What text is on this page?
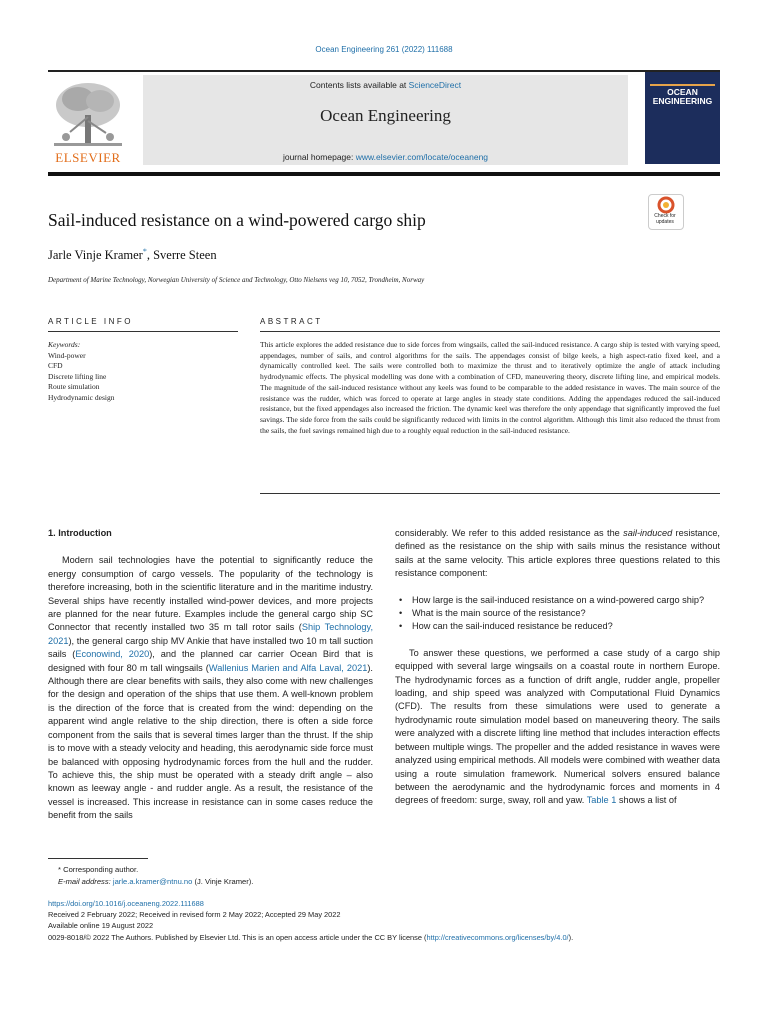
Ocean Engineering 261 (2022) 111688
ELSEVIER
Contents lists available at ScienceDirect
Ocean Engineering
journal homepage: www.elsevier.com/locate/oceaneng
OCEAN ENGINEERING
Check for updates
Sail-induced resistance on a wind-powered cargo ship
Jarle Vinje Kramer*, Sverre Steen
Department of Marine Technology, Norwegian University of Science and Technology, Otto Nielsens veg 10, 7052, Trondheim, Norway
ARTICLE INFO	ABSTRACT
Keywords:
Wind-power
CFD
Discrete lifting line
Route simulation
Hydrodynamic design
This article explores the added resistance due to side forces from wingsails, called the sail-induced resistance. A cargo ship is tested with varying speed, appendages, number of sails, and control algorithms for the sails. The appendages consist of bilge keels, a high aspect-ratio fixed keel, and a dynamically controlled keel. The sails were controlled both to maximize the thrust and to iteratively optimize the angle of attack including hydrodynamic effects. The physical modelling was done with a combination of CFD, maneuvering theory, discrete lifting line, and empirical models. The magnitude of the sail-induced resistance without any keels was found to be comparable to the added resistance in waves. The main source of the resistance was the rudder, which was forced to operate at large angles in steady state conditions. Adding the appendages reduced the sail-induced resistance, but the fixed appendages also increased the friction. The dynamic keel was therefore the only appendage that significantly improved the fuel savings. The side force from the sails could be significantly reduced with limits in the control algorithm. Although this limit also reduced the thrust from the sails, the fuel savings remained high due to a roughly equal reduction in the sail-induced resistance.
1. Introduction

Modern sail technologies have the potential to significantly reduce the energy consumption of cargo vessels. The popularity of the technology is therefore increasing, both in the scientific literature and in the maritime industry. Several ships have recently installed wind-power devices, and more projects are planned for the near future. Examples include the general cargo ship SC Connector that recently installed two 35 m tall rotor sails (Ship Technology, 2021), the general cargo ship MV Ankie that have installed two 10 m tall suction sails (Econowind, 2020), and the planned car carrier Ocean Bird that is designed with four 80 m tall wingsails (Wallenius Marien and Alfa Laval, 2021). Although there are clear benefits with sails, they also come with new challenges for the design and operation of the ships that use them. A well-known problem is the direction of the force that is created from the wind: depending on the apparent wind angle relative to the ship direction, there is often a side force component from the sails that is several times larger than the thrust. If the ship is to move with a steady velocity and heading, this aerodynamic side force must be balanced with opposing hydrodynamic forces from the hull and the rudder. To achieve this, the ship must be operated with a steady drift angle – also known as leeway angle - and rudder angle. As a result, the resistance of the vessel is increased. This increase in resistance can in some cases reduce the benefit from the sails

considerably. We refer to this added resistance as the sail-induced resistance, defined as the resistance on the ship with sails minus the resistance without sails at the same velocity. This article explores three questions related to this resistance component:

• How large is the sail-induced resistance on a wind-powered cargo ship?
• What is the main source of the resistance?
• How can the sail-induced resistance be reduced?

To answer these questions, we performed a case study of a cargo ship equipped with several large wingsails on a coastal route in northern Europe. The hydrodynamic forces as a function of drift angle, rudder angle, propeller loading, and ship speed was analyzed with Computational Fluid Dynamics (CFD). The results from these simulations were used to generate a hydrodynamic route simulation model based on maneuvering theory. The sails were analyzed with a discrete lifting line method that includes interaction effects between multiple wings. The propeller and the added resistance in waves were analyzed using empirical methods. All models were combined with weather data using a route simulation framework. Numerical solvers ensured balance between the aerodynamic and the hydrodynamic forces and moments in 4 degrees of freedom: surge, sway, roll and yaw. Table 1 shows a list of

* Corresponding author.
E-mail address: jarle.a.kramer@ntnu.no (J. Vinje Kramer).
https://doi.org/10.1016/j.oceaneng.2022.111688
Received 2 February 2022; Received in revised form 2 May 2022; Accepted 29 May 2022
Available online 19 August 2022
0029-8018/© 2022 The Authors. Published by Elsevier Ltd. This is an open access article under the CC BY license (http://creativecommons.org/licenses/by/4.0/).
